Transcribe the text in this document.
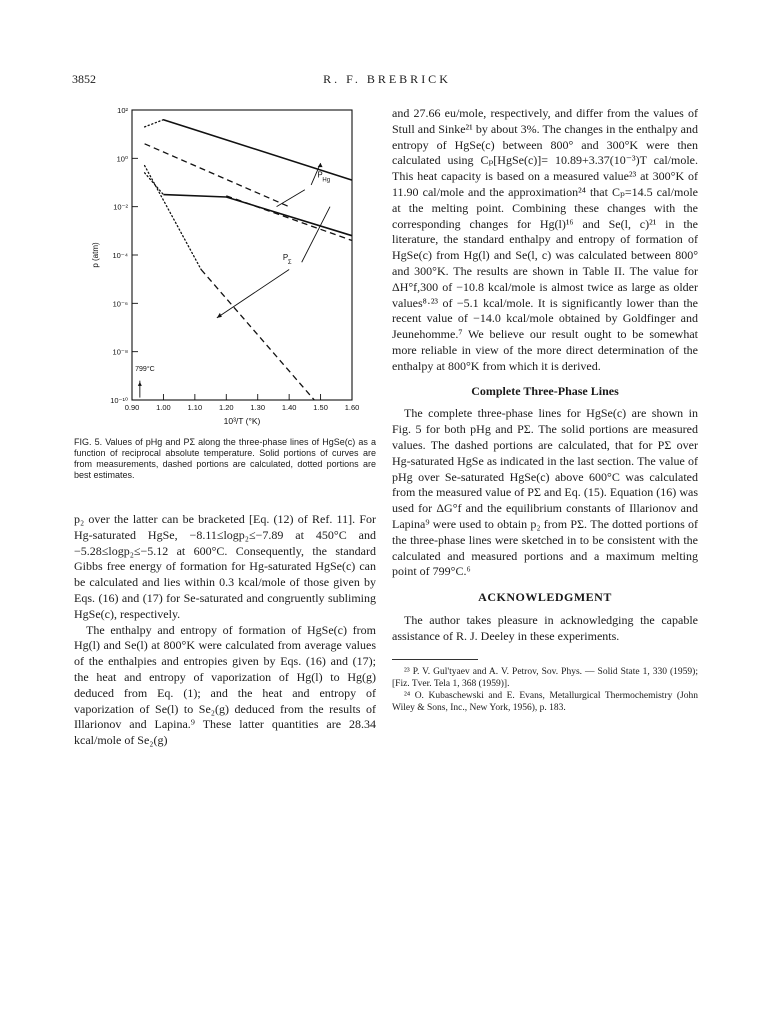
3852	R. F. BREBRICK
0.90 1.00 1.10 1.20 1.30 1.40 1.50 1.60
10²
10⁰
10⁻²
10⁻⁴
10⁻⁶
10⁻⁸
10⁻¹⁰
10³/T (°K)
p (atm)
P
Hg
P
Σ
799°C
FIG. 5. Values of pHg and PΣ along the three-phase lines of HgSe(c) as a function of reciprocal absolute temperature. Solid portions of curves are from measurements, dashed portions are calculated, dotted portions are best estimates.

p₂ over the latter can be bracketed [Eq. (12) of Ref. 11]. For Hg-saturated HgSe, −8.11≤logp₂≤−7.89 at 450°C and −5.28≤logp₂≤−5.12 at 600°C. Consequently, the standard Gibbs free energy of formation for Hg-saturated HgSe(c) can be calculated and lies within 0.3 kcal/mole of those given by Eqs. (16) and (17) for Se-saturated and congruently subliming HgSe(c), respectively.

The enthalpy and entropy of formation of HgSe(c) from Hg(l) and Se(l) at 800°K were calculated from average values of the enthalpies and entropies given by Eqs. (16) and (17); the heat and entropy of vaporization of Hg(l) to Hg(g) deduced from Eq. (1); and the heat and entropy of vaporization of Se(l) to Se₂(g) deduced from the results of Illarionov and Lapina.⁹ These latter quantities are 28.34 kcal/mole of Se₂(g)

and 27.66 eu/mole, respectively, and differ from the values of Stull and Sinke²¹ by about 3%. The changes in the enthalpy and entropy of HgSe(c) between 800° and 300°K were then calculated using Cₚ[HgSe(c)]= 10.89+3.37(10⁻³)T cal/mole. This heat capacity is based on a measured value²³ at 300°K of 11.90 cal/mole and the approximation²⁴ that Cₚ=14.5 cal/mole at the melting point. Combining these changes with the corresponding changes for Hg(l)¹⁶ and Se(l, c)²¹ in the literature, the standard enthalpy and entropy of formation of HgSe(c) from Hg(l) and Se(l, c) was calculated between 800° and 300°K. The results are shown in Table II. The value for ΔH°f,300 of −10.8 kcal/mole is almost twice as large as older values⁸·²³ of −5.1 kcal/mole. It is significantly lower than the recent value of −14.0 kcal/mole obtained by Goldfinger and Jeunehomme.⁷ We believe our result ought to be somewhat more reliable in view of the more direct determination of the enthalpy at 800°K from which it is derived.

Complete Three-Phase Lines

The complete three-phase lines for HgSe(c) are shown in Fig. 5 for both pHg and PΣ. The solid portions are measured values. The dashed portions are calculated, that for PΣ over Hg-saturated HgSe as indicated in the last section. The value of pHg over Se-saturated HgSe(c) above 600°C was calculated from the measured value of PΣ and Eq. (15). Equation (16) was used for ΔG°f and the equilibrium constants of Illarionov and Lapina⁹ were used to obtain p₂ from PΣ. The dotted portions of the three-phase lines were sketched in to be consistent with the calculated and measured portions and a maximum melting point of 799°C.⁶

ACKNOWLEDGMENT

The author takes pleasure in acknowledging the capable assistance of R. J. Deeley in these experiments.

²³ P. V. Gul'tyaev and A. V. Petrov, Sov. Phys. — Solid State 1, 330 (1959); [Fiz. Tver. Tela 1, 368 (1959)].

²⁴ O. Kubaschewski and E. Evans, Metallurgical Thermochemistry (John Wiley & Sons, Inc., New York, 1956), p. 183.
